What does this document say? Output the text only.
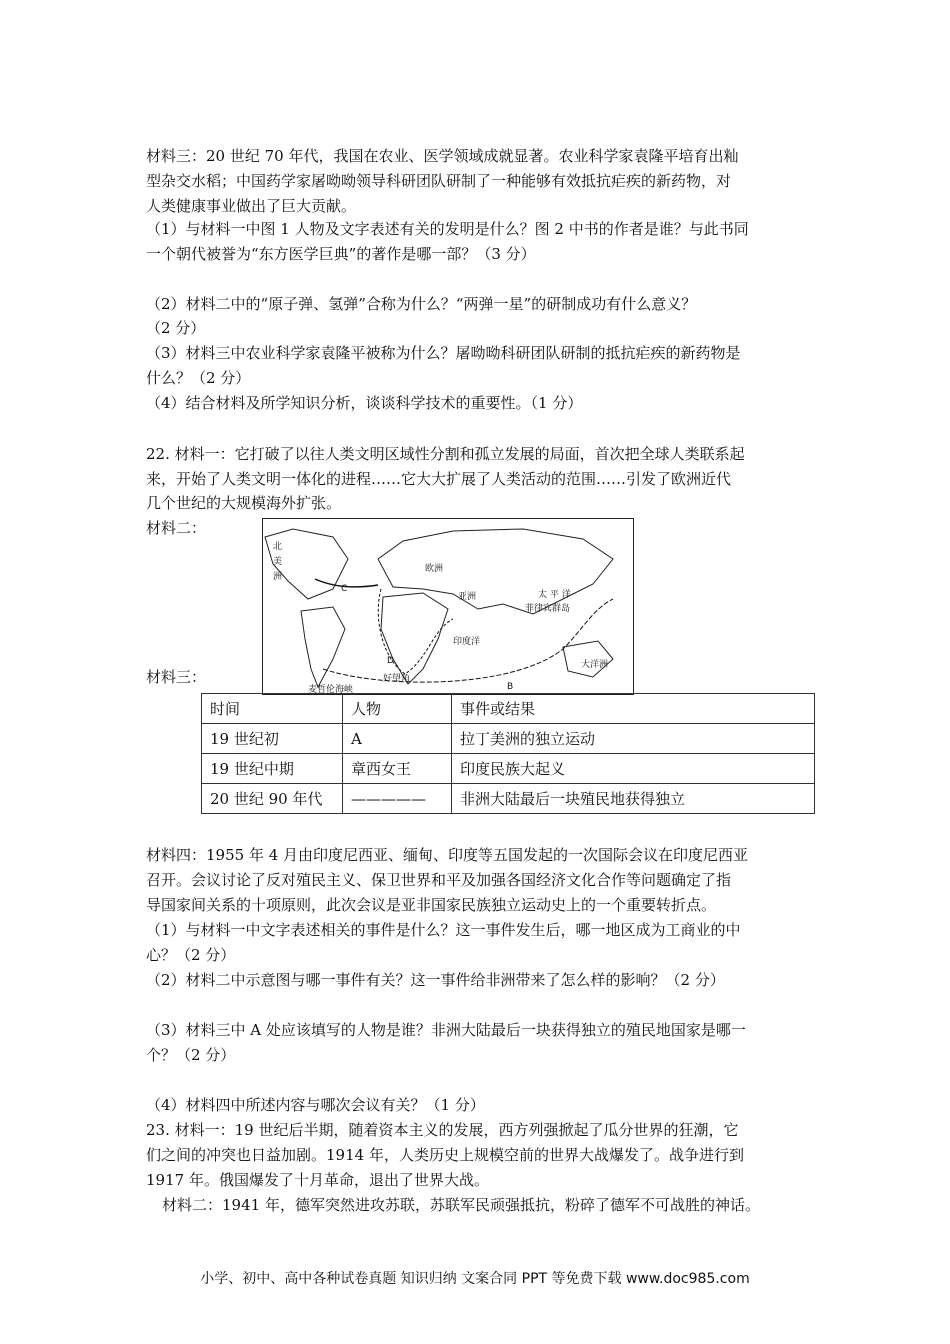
材料三：20 世纪 70 年代，我国在农业、医学领域成就显著。农业科学家袁隆平培育出籼
型杂交水稻；中国药学家屠呦呦领导科研团队研制了一种能够有效抵抗疟疾的新药物，对
人类健康事业做出了巨大贡献。
（1）与材料一中图 1 人物及文字表述有关的发明是什么？图 2 中书的作者是谁？与此书同
一个朝代被誉为“东方医学巨典”的著作是哪一部？（3 分）
（2）材料二中的“原子弹、氢弹”合称为什么？“两弹一星”的研制成功有什么意义？
（2 分）
（3）材料三中农业科学家袁隆平被称为什么？屠呦呦科研团队研制的抵抗疟疾的新药物是
什么？（2 分）
（4）结合材料及所学知识分析，谈谈科学技术的重要性。（1 分）
22. 材料一：它打破了以往人类文明区域性分割和孤立发展的局面，首次把全球人类联系起
来，开始了人类文明一体化的进程……它大大扩展了人类活动的范围……引发了欧洲近代
几个世纪的大规模海外扩张。
材料二：
材料三：
北
美
洲
欧洲
亚洲	太 平 洋
菲律宾群岛
印度洋
大洋洲
好望角
麦哲伦海峡
C
D
B
时间	人物	事件或结果
19 世纪初	A	拉丁美洲的独立运动
19 世纪中期	章西女王	印度民族大起义
20 世纪 90 年代	—————	非洲大陆最后一块殖民地获得独立
材料四：1955 年 4 月由印度尼西亚、缅甸、印度等五国发起的一次国际会议在印度尼西亚
召开。会议讨论了反对殖民主义、保卫世界和平及加强各国经济文化合作等问题确定了指
导国家间关系的十项原则，此次会议是亚非国家民族独立运动史上的一个重要转折点。
（1）与材料一中文字表述相关的事件是什么？这一事件发生后，哪一地区成为工商业的中
心？（2 分）
（2）材料二中示意图与哪一事件有关？这一事件给非洲带来了怎么样的影响？（2 分）
（3）材料三中 A 处应该填写的人物是谁？非洲大陆最后一块获得独立的殖民地国家是哪一
个？（2 分）
（4）材料四中所述内容与哪次会议有关？（1 分）
23. 材料一：19 世纪后半期，随着资本主义的发展，西方列强掀起了瓜分世界的狂潮，它
们之间的冲突也日益加剧。1914 年，人类历史上规模空前的世界大战爆发了。战争进行到
1917 年。俄国爆发了十月革命，退出了世界大战。
材料二：1941 年，德军突然进攻苏联，苏联军民顽强抵抗，粉碎了德军不可战胜的神话。
小学、初中、高中各种试卷真题 知识归纳 文案合同 PPT 等免费下载 www.doc985.com
